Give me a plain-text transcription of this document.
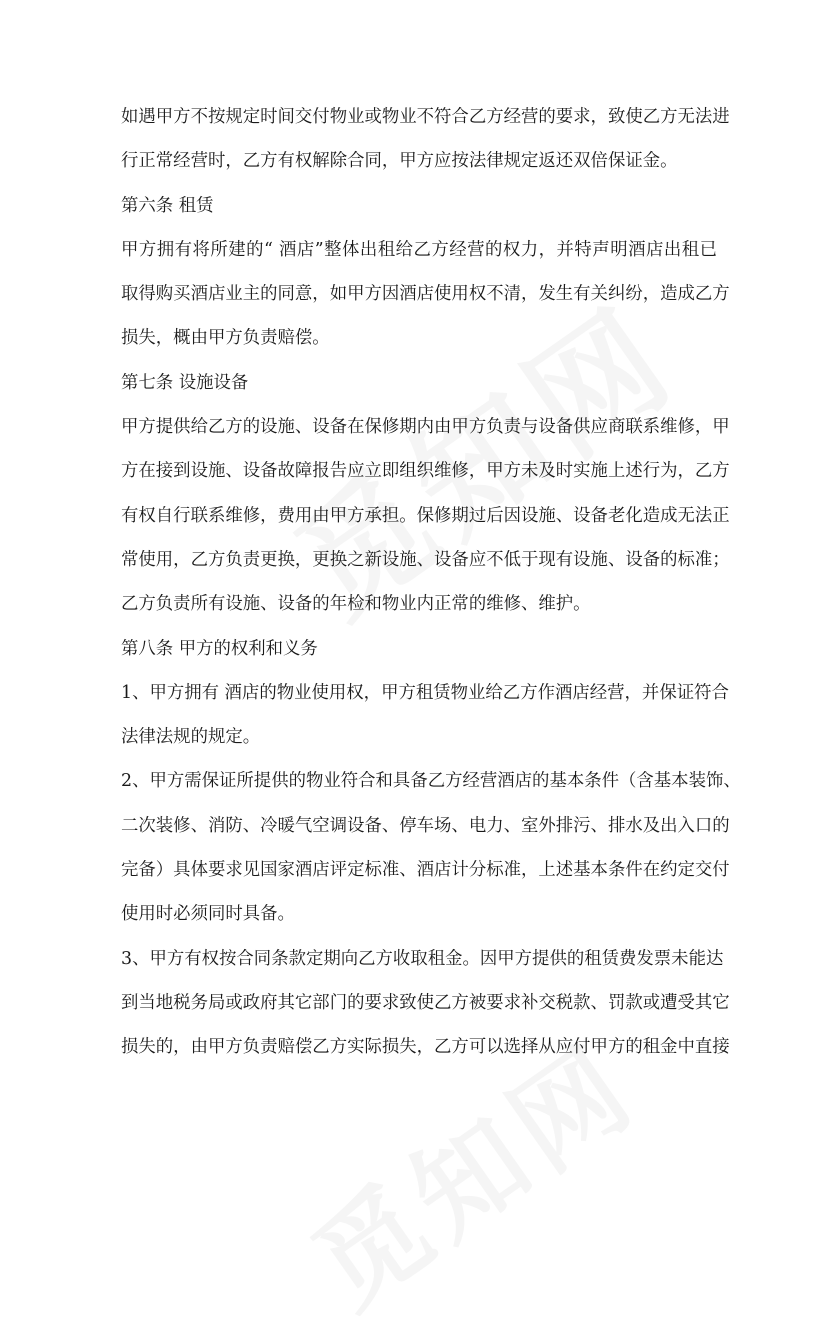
如遇甲方不按规定时间交付物业或物业不符合乙方经营的要求，致使乙方无法进
行正常经营时，乙方有权解除合同，甲方应按法律规定返还双倍保证金。
第六条 租赁
甲方拥有将所建的“ 酒店”整体出租给乙方经营的权力，并特声明酒店出租已
取得购买酒店业主的同意，如甲方因酒店使用权不清，发生有关纠纷，造成乙方
损失，概由甲方负责赔偿。
第七条 设施设备
甲方提供给乙方的设施、设备在保修期内由甲方负责与设备供应商联系维修，甲
方在接到设施、设备故障报告应立即组织维修，甲方未及时实施上述行为，乙方
有权自行联系维修，费用由甲方承担。保修期过后因设施、设备老化造成无法正
常使用，乙方负责更换，更换之新设施、设备应不低于现有设施、设备的标准；
乙方负责所有设施、设备的年检和物业内正常的维修、维护。
第八条 甲方的权利和义务
1、甲方拥有 酒店的物业使用权，甲方租赁物业给乙方作酒店经营，并保证符合
法律法规的规定。
2、甲方需保证所提供的物业符合和具备乙方经营酒店的基本条件（含基本装饰、
二次装修、消防、冷暖气空调设备、停车场、电力、室外排污、排水及出入口的
完备）具体要求见国家酒店评定标准、酒店计分标准，上述基本条件在约定交付
使用时必须同时具备。
3、甲方有权按合同条款定期向乙方收取租金。因甲方提供的租赁费发票未能达
到当地税务局或政府其它部门的要求致使乙方被要求补交税款、罚款或遭受其它
损失的，由甲方负责赔偿乙方实际损失，乙方可以选择从应付甲方的租金中直接
